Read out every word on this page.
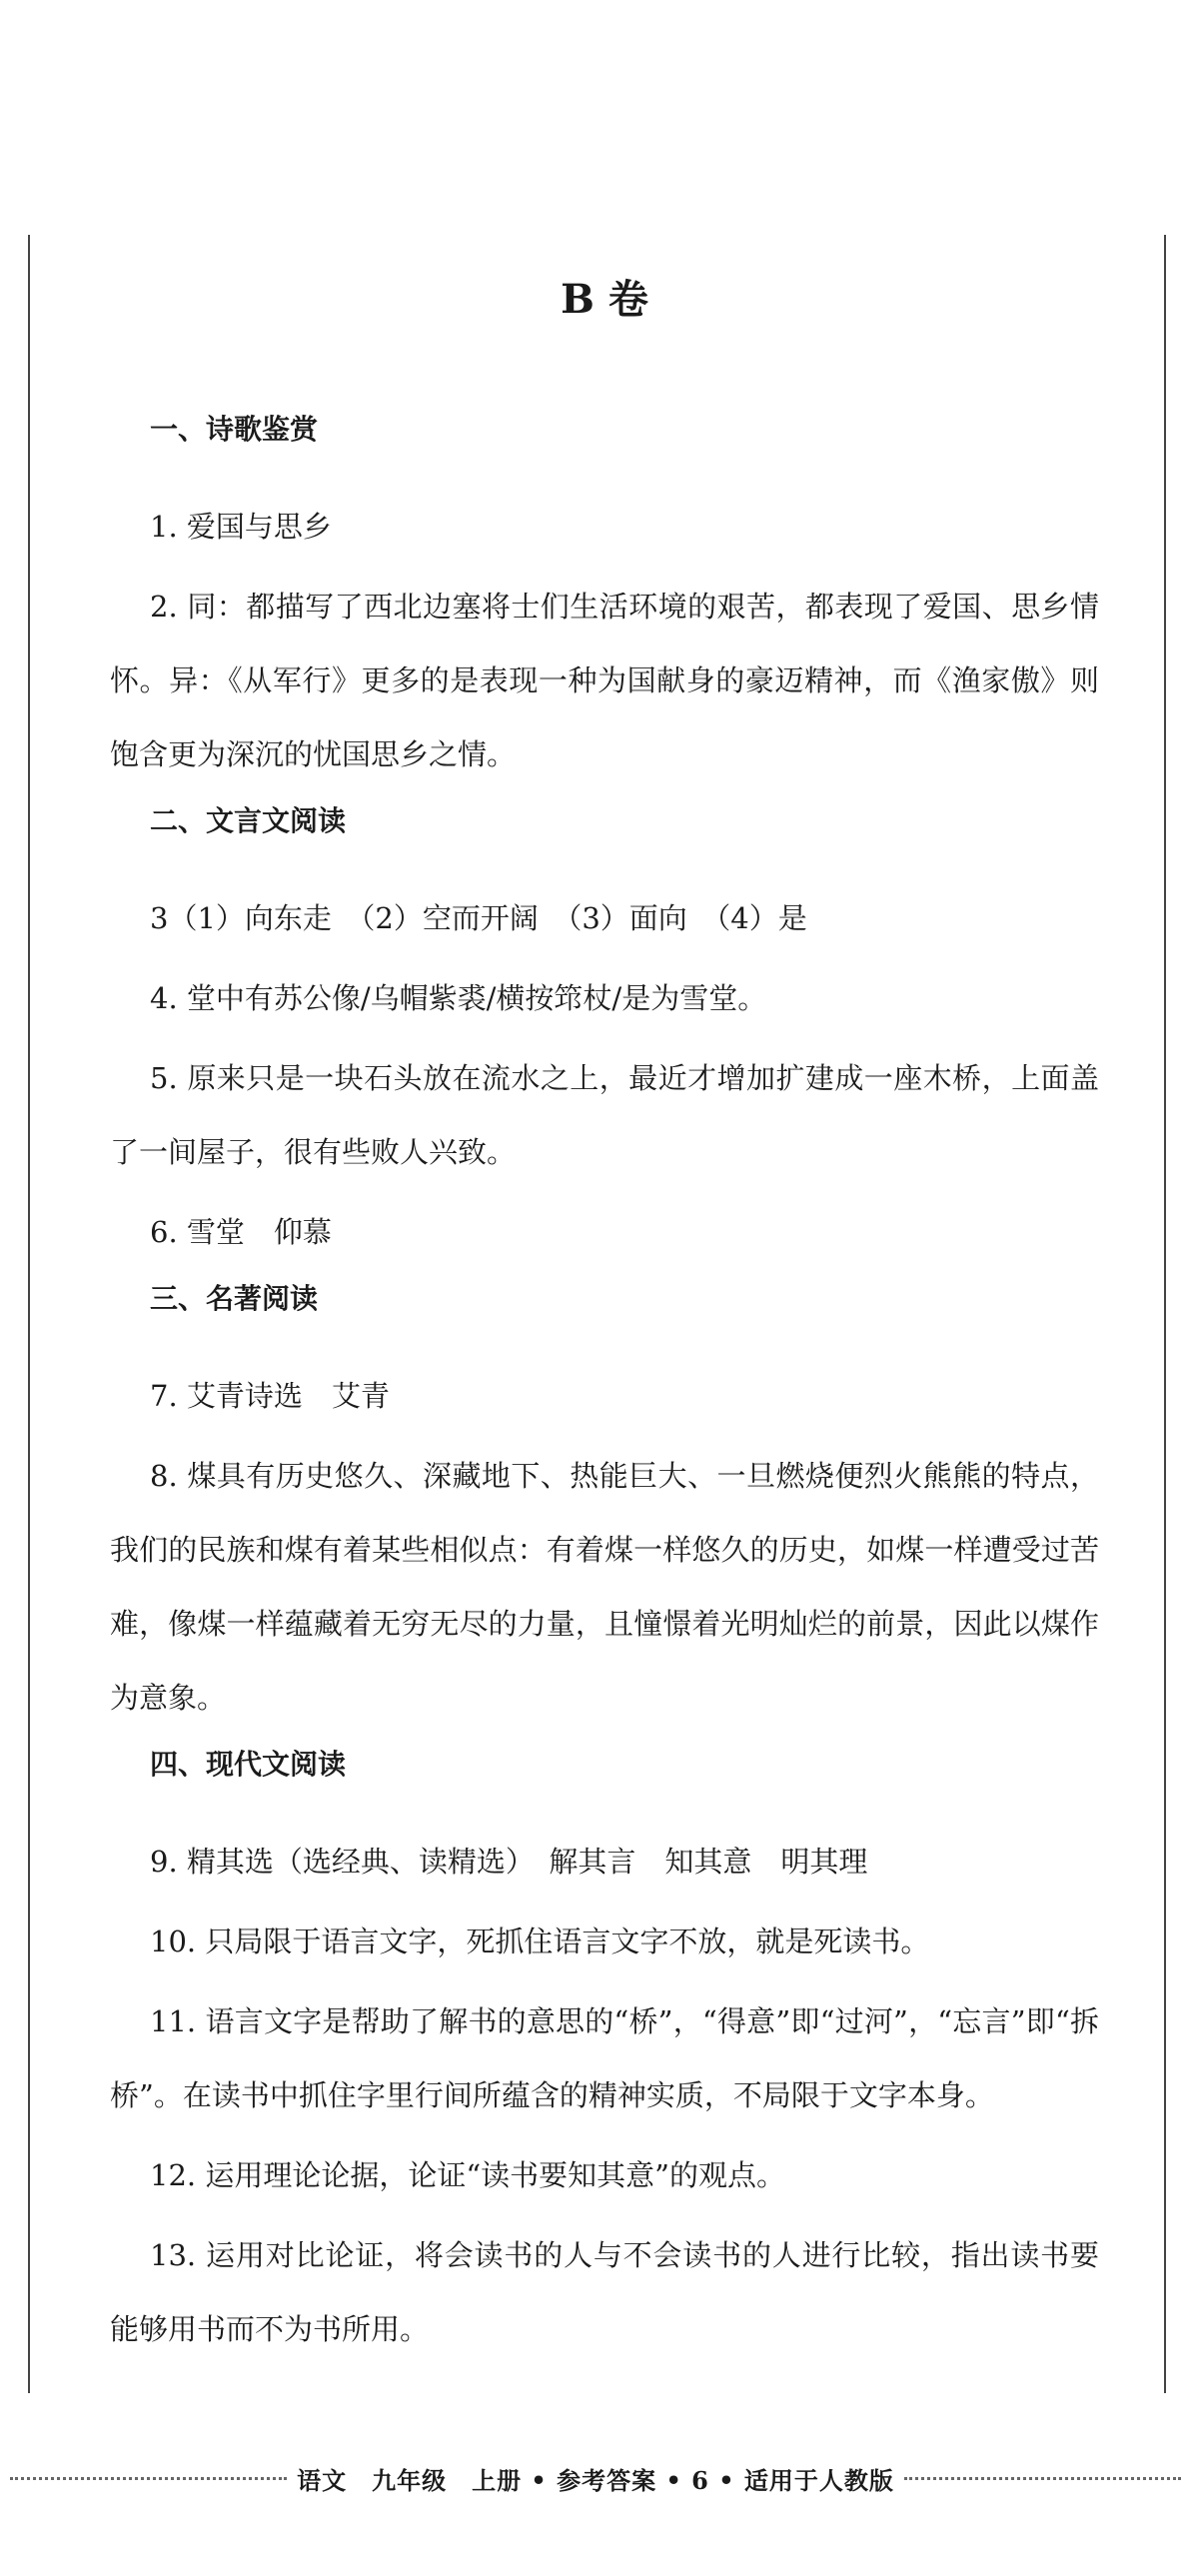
B 卷
一、诗歌鉴赏

1. 爱国与思乡

2. 同：都描写了西北边塞将士们生活环境的艰苦，都表现了爱国、思乡情怀。异：《从军行》更多的是表现一种为国献身的豪迈精神，而《渔家傲》则饱含更为深沉的忧国思乡之情。

二、文言文阅读

3（1）向东走　（2）空而开阔　（3）面向　（4）是

4. 堂中有苏公像/乌帽紫裘/横按筇杖/是为雪堂。

5. 原来只是一块石头放在流水之上，最近才增加扩建成一座木桥，上面盖了一间屋子，很有些败人兴致。

6. 雪堂　仰慕

三、名著阅读

7. 艾青诗选　艾青

8. 煤具有历史悠久、深藏地下、热能巨大、一旦燃烧便烈火熊熊的特点，我们的民族和煤有着某些相似点：有着煤一样悠久的历史，如煤一样遭受过苦难，像煤一样蕴藏着无穷无尽的力量，且憧憬着光明灿烂的前景，因此以煤作为意象。

四、现代文阅读

9. 精其选（选经典、读精选）　解其言　知其意　明其理

10. 只局限于语言文字，死抓住语言文字不放，就是死读书。

11. 语言文字是帮助了解书的意思的“桥”，“得意”即“过河”，“忘言”即“拆桥”。在读书中抓住字里行间所蕴含的精神实质，不局限于文字本身。

12. 运用理论论据，论证“读书要知其意”的观点。

13. 运用对比论证，将会读书的人与不会读书的人进行比较，指出读书要能够用书而不为书所用。

语文　九年级　上册 • 参考答案 • 6 • 适用于人教版
